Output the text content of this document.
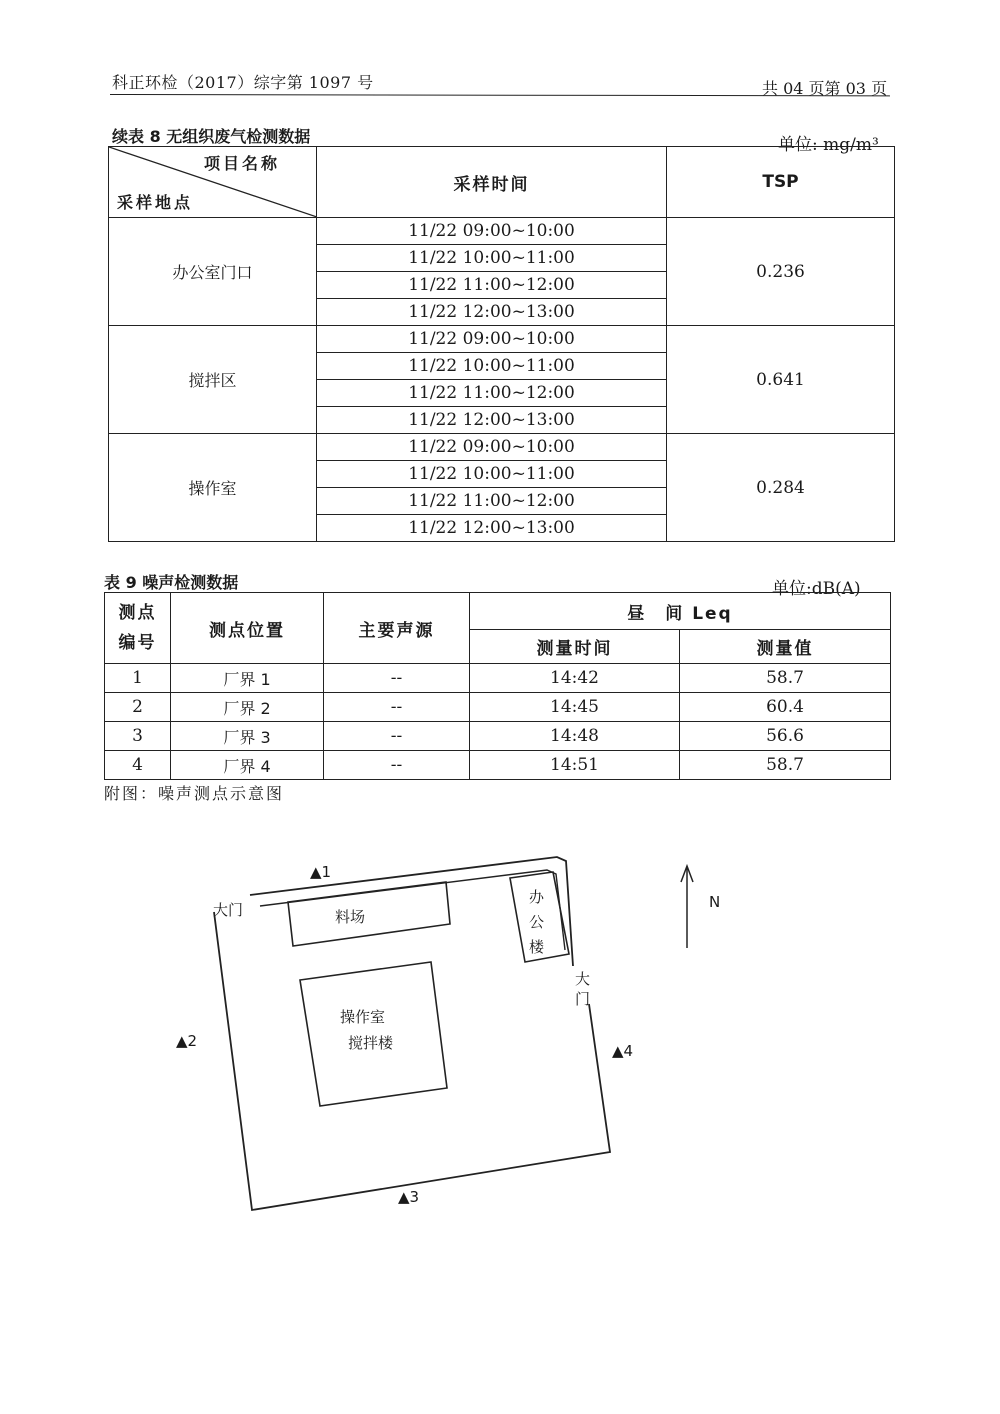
科正环检（2017）综字第 1097 号	共 04 页第 03 页
续表 8 无组织废气检测数据	单位: mg/m³
项目名称
采样地点	采样时间	TSP
办公室门口	11/22 09:00~10:00	0.236
	11/22 10:00~11:00	
	11/22 11:00~12:00	
	11/22 12:00~13:00	
搅拌区	11/22 09:00~10:00	0.641
	11/22 10:00~11:00	
	11/22 11:00~12:00	
	11/22 12:00~13:00	
操作室	11/22 09:00~10:00	0.284
	11/22 10:00~11:00	
	11/22 11:00~12:00	
	11/22 12:00~13:00	
表 9 噪声检测数据	单位:dB(A)
测点
编号	测点位置	主要声源	昼　间 Leq	
			测量时间	测量值
1	厂界 1	--	14:42	58.7
2	厂界 2	--	14:45	60.4
3	厂界 3	--	14:48	56.6
4	厂界 4	--	14:51	58.7
附图：噪声测点示意图
大门	料场
办
公
楼
大
门
操作室
搅拌楼
N
▲1
▲2
▲3
▲4
